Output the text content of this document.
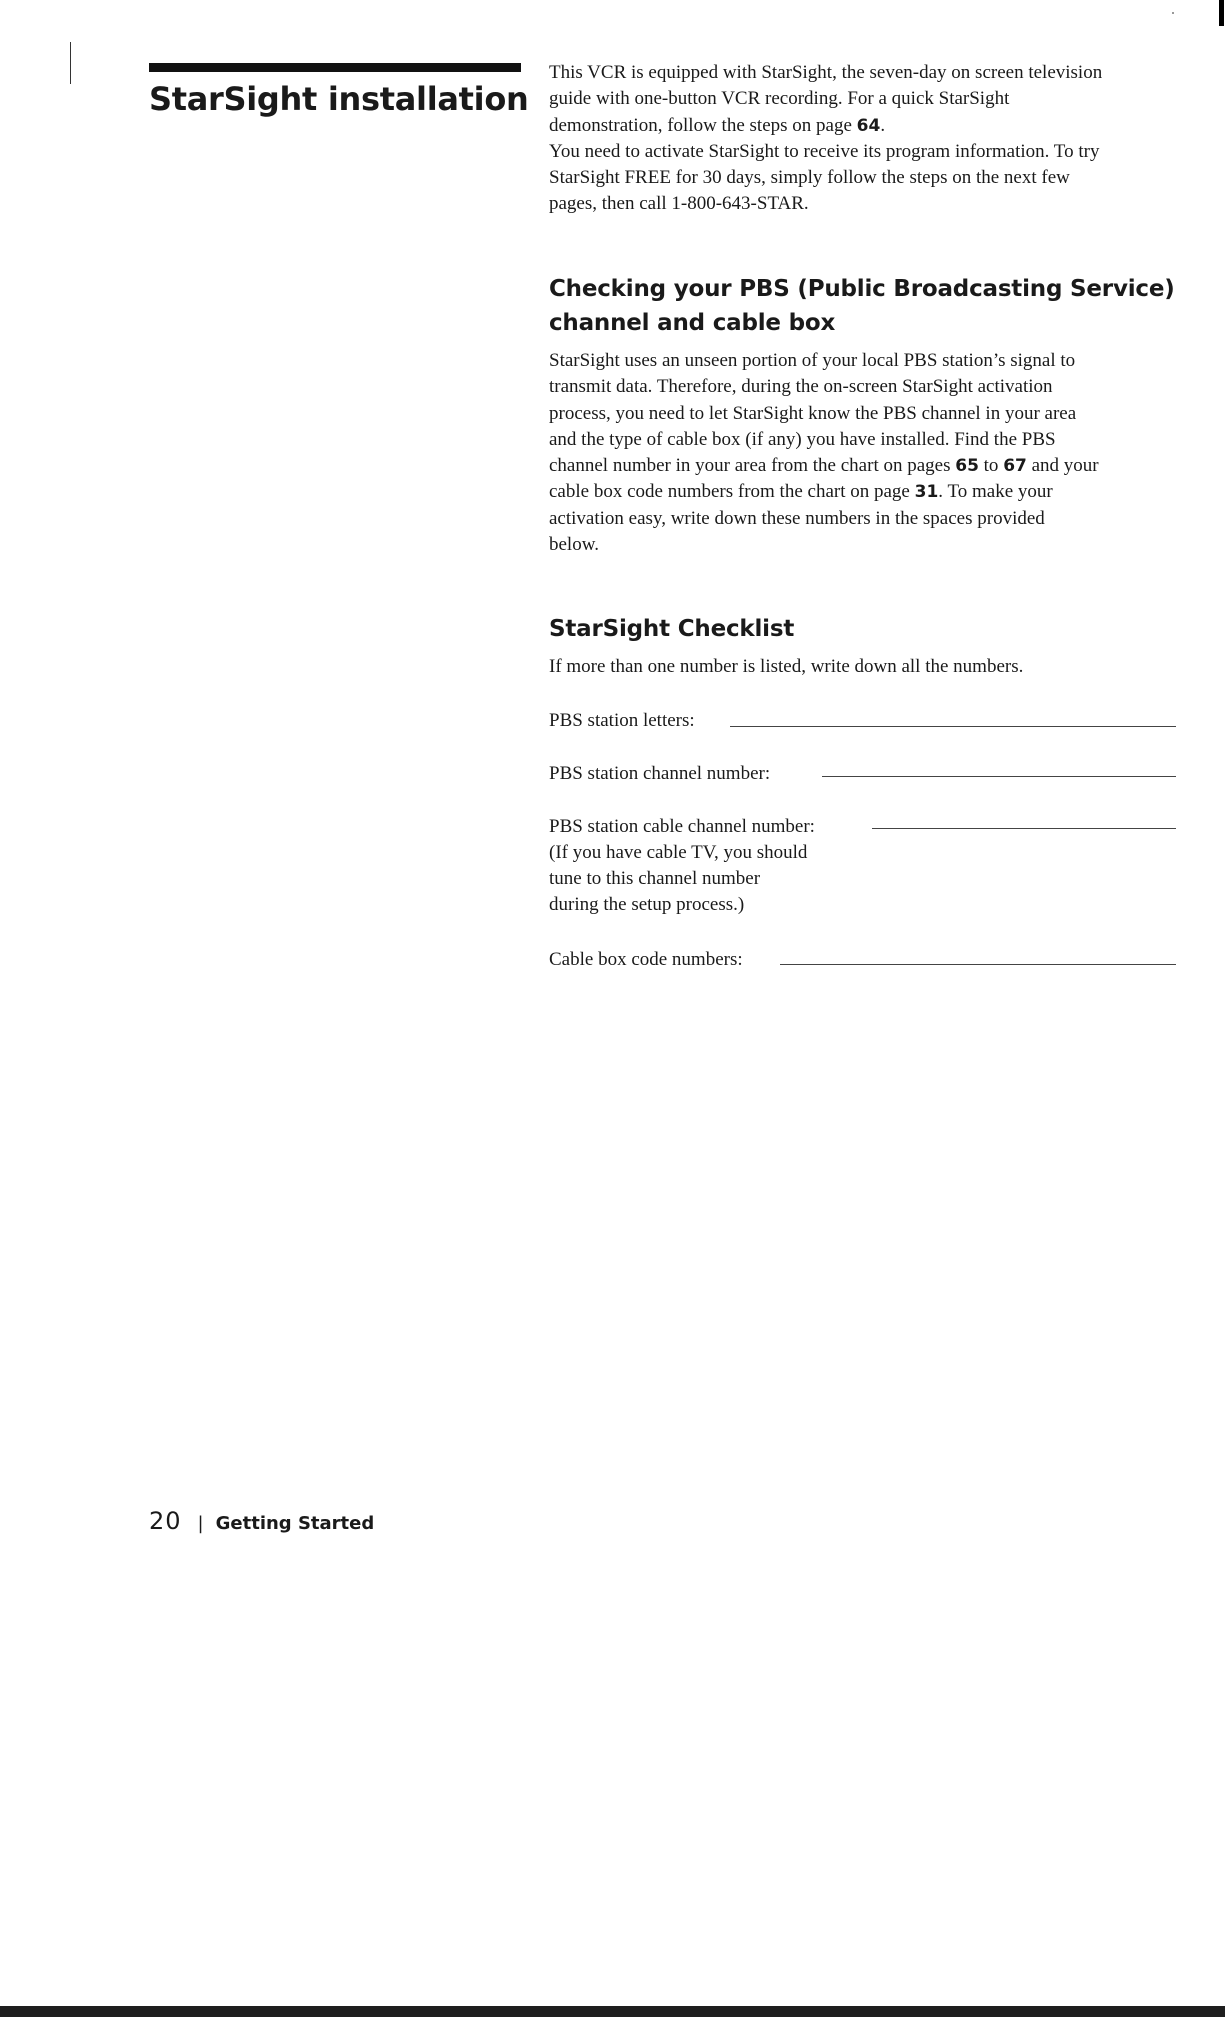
StarSight installation

This VCR is equipped with StarSight, the seven-day on screen television

guide with one-button VCR recording. For a quick StarSight

demonstration, follow the steps on page 64.

You need to activate StarSight to receive its program information. To try

StarSight FREE for 30 days, simply follow the steps on the next few

pages, then call 1-800-643-STAR.

Checking your PBS (Public Broadcasting Service)
channel and cable box

StarSight uses an unseen portion of your local PBS station’s signal to

transmit data. Therefore, during the on-screen StarSight activation

process, you need to let StarSight know the PBS channel in your area

and the type of cable box (if any) you have installed. Find the PBS

channel number in your area from the chart on pages 65 to 67 and your

cable box code numbers from the chart on page 31. To make your

activation easy, write down these numbers in the spaces provided

below.

StarSight Checklist

If more than one number is listed, write down all the numbers.

PBS station letters:
PBS station channel number:
PBS station cable channel number:
(If you have cable TV, you should
tune to this channel number
during the setup process.)
Cable box code numbers:
20 | Getting Started
